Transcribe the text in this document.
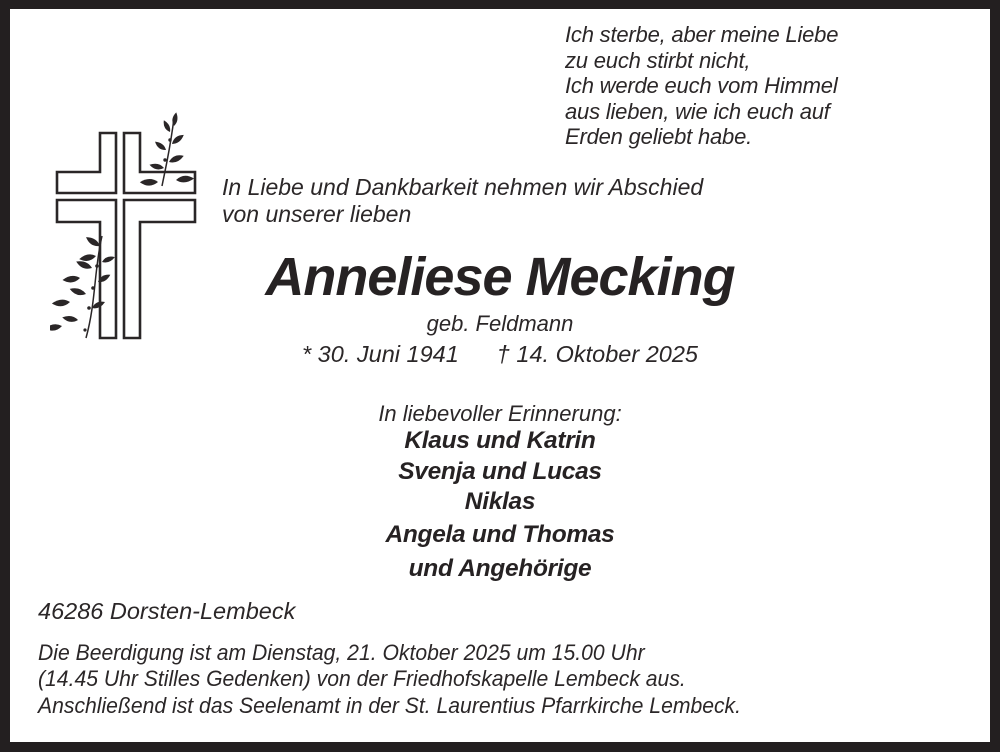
Ich sterbe, aber meine Liebe
zu euch stirbt nicht,
Ich werde euch vom Himmel
aus lieben, wie ich euch auf
Erden geliebt habe.
In Liebe und Dankbarkeit nehmen wir Abschied
von unserer lieben
Anneliese Mecking
geb. Feldmann
* 30. Juni 1941 † 14. Oktober 2025
In liebevoller Erinnerung:
Klaus und Katrin
Svenja und Lucas
Niklas
Angela und Thomas
und Angehörige
46286 Dorsten-Lembeck
Die Beerdigung ist am Dienstag, 21. Oktober 2025 um 15.00 Uhr
(14.45 Uhr Stilles Gedenken) von der Friedhofskapelle Lembeck aus.
Anschließend ist das Seelenamt in der St. Laurentius Pfarrkirche Lembeck.
